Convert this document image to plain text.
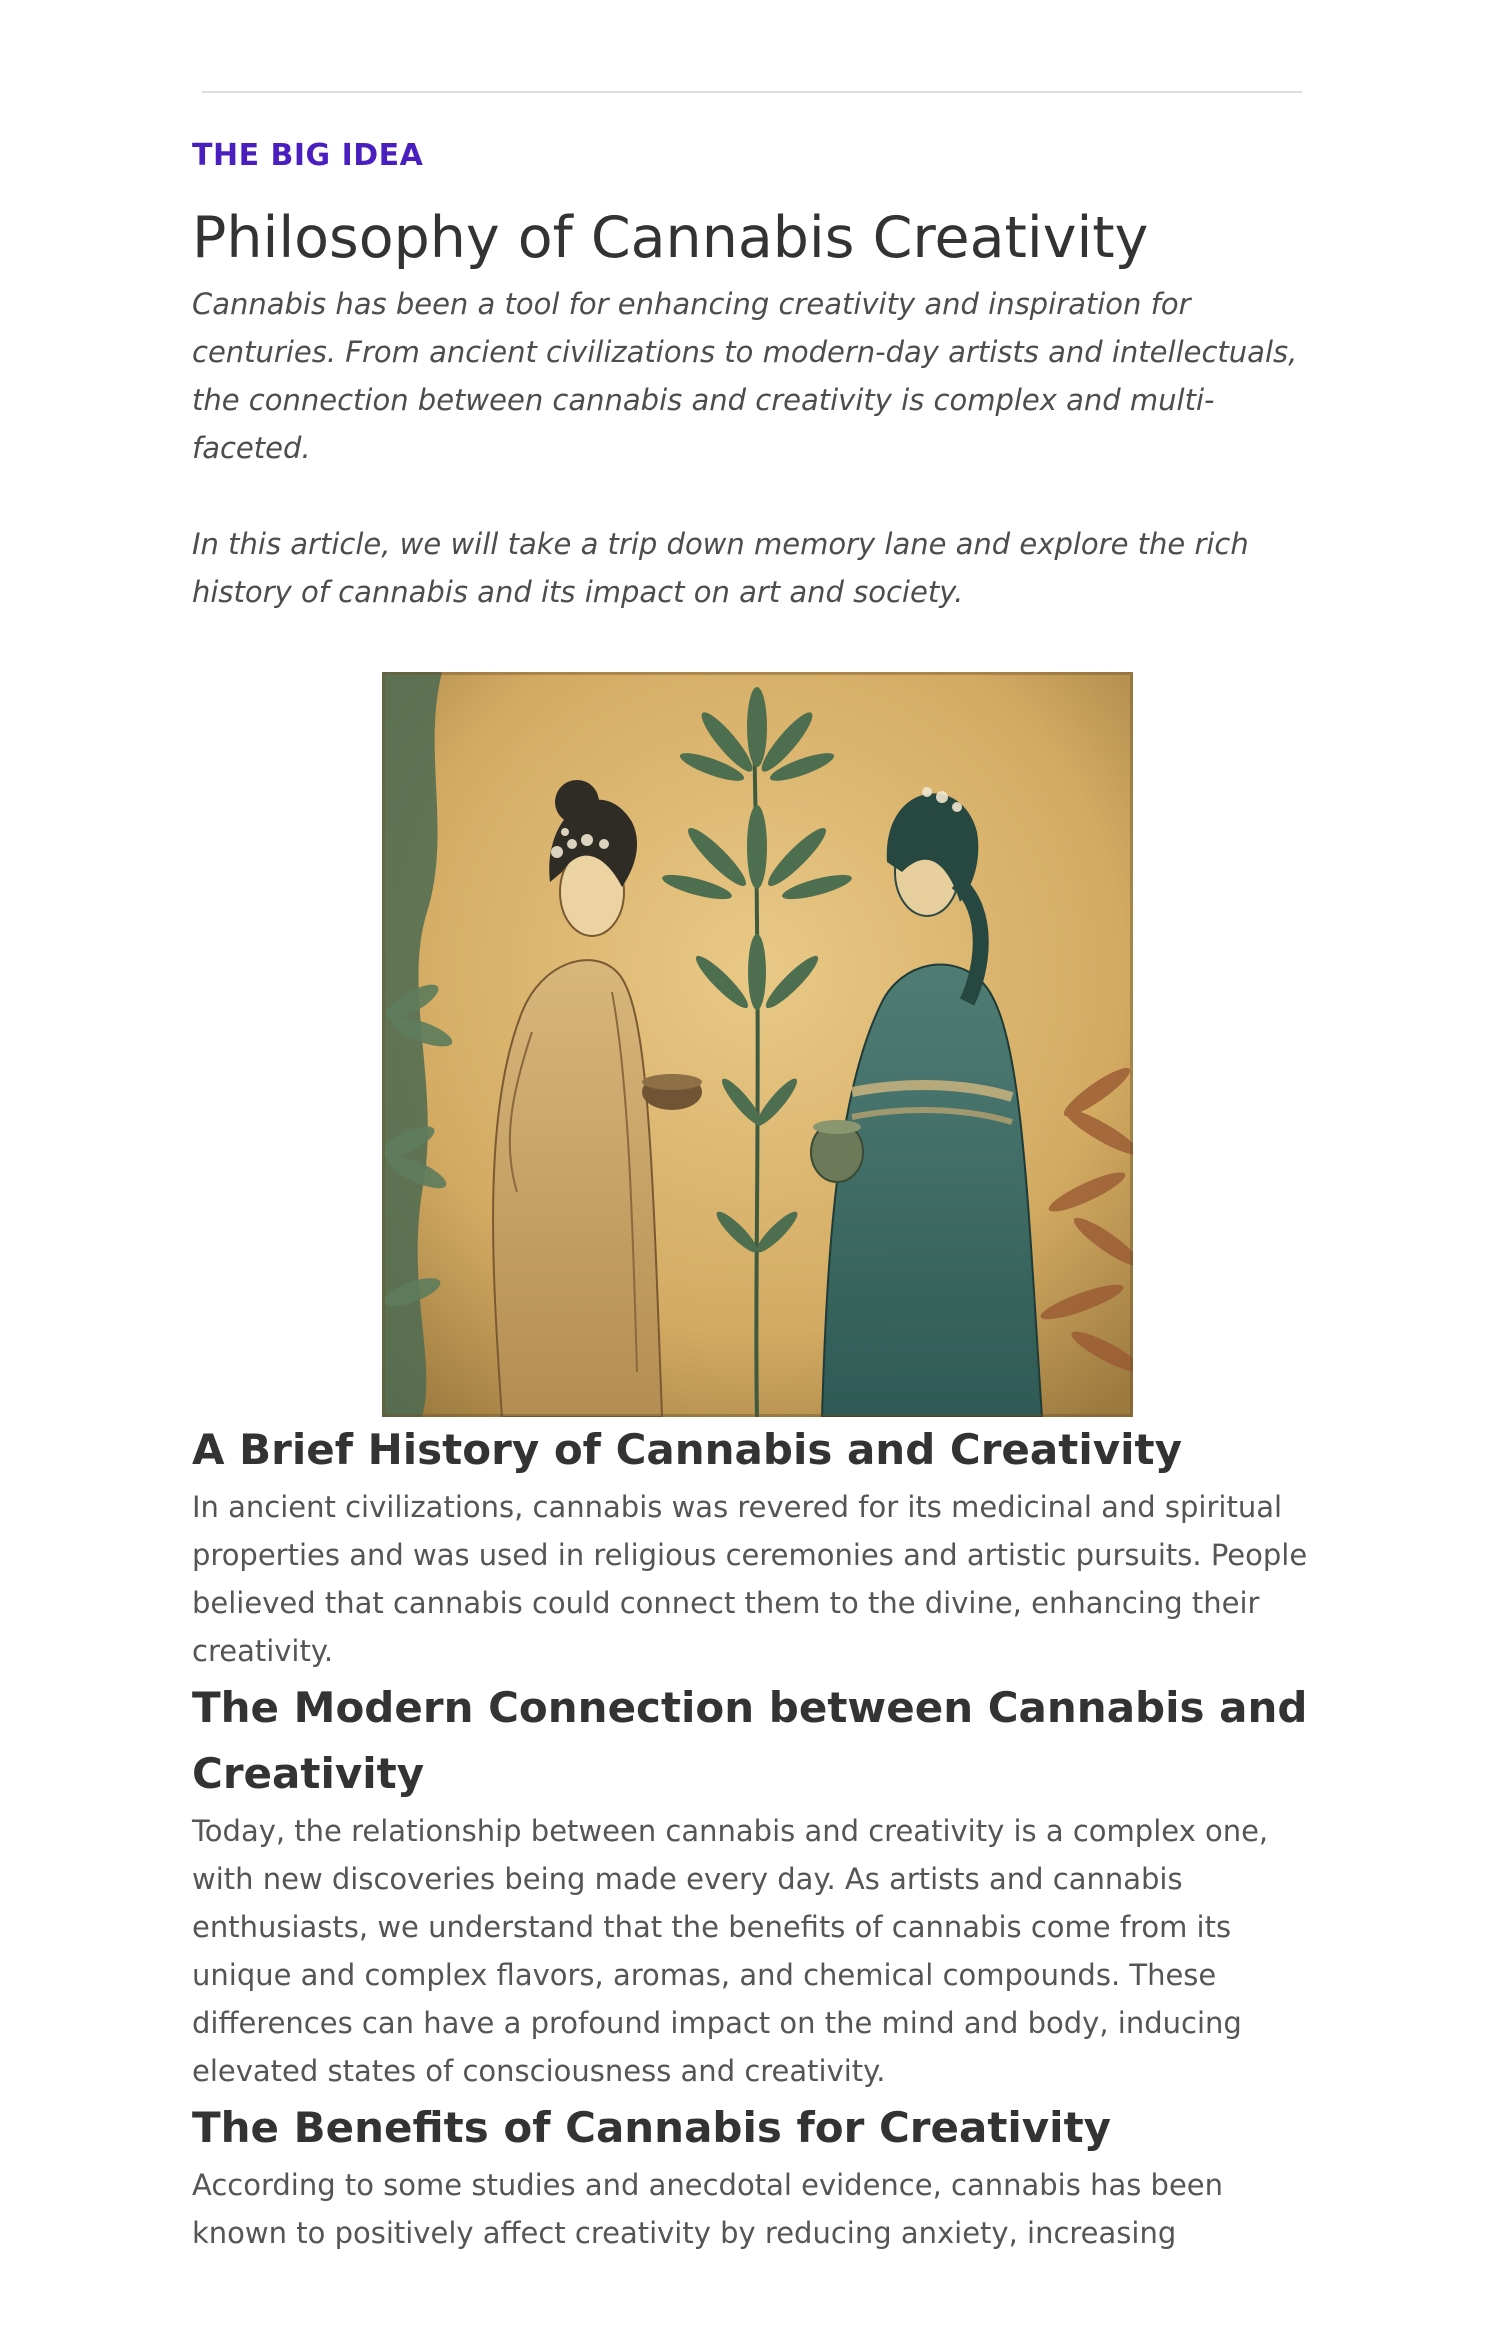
THE BIG IDEA
Philosophy of Cannabis Creativity

Cannabis has been a tool for enhancing creativity and inspiration for centuries. From ancient civilizations to modern-day artists and intellectuals, the connection between cannabis and creativity is complex and multi-faceted.

In this article, we will take a trip down memory lane and explore the rich history of cannabis and its impact on art and society.

A Brief History of Cannabis and Creativity

In ancient civilizations, cannabis was revered for its medicinal and spiritual properties and was used in religious ceremonies and artistic pursuits. People believed that cannabis could connect them to the divine, enhancing their creativity.

The Modern Connection between Cannabis and Creativity

Today, the relationship between cannabis and creativity is a complex one, with new discoveries being made every day. As artists and cannabis enthusiasts, we understand that the benefits of cannabis come from its unique and complex flavors, aromas, and chemical compounds. These differences can have a profound impact on the mind and body, inducing elevated states of consciousness and creativity.

The Benefits of Cannabis for Creativity

According to some studies and anecdotal evidence, cannabis has been known to positively affect creativity by reducing anxiety, increasing
